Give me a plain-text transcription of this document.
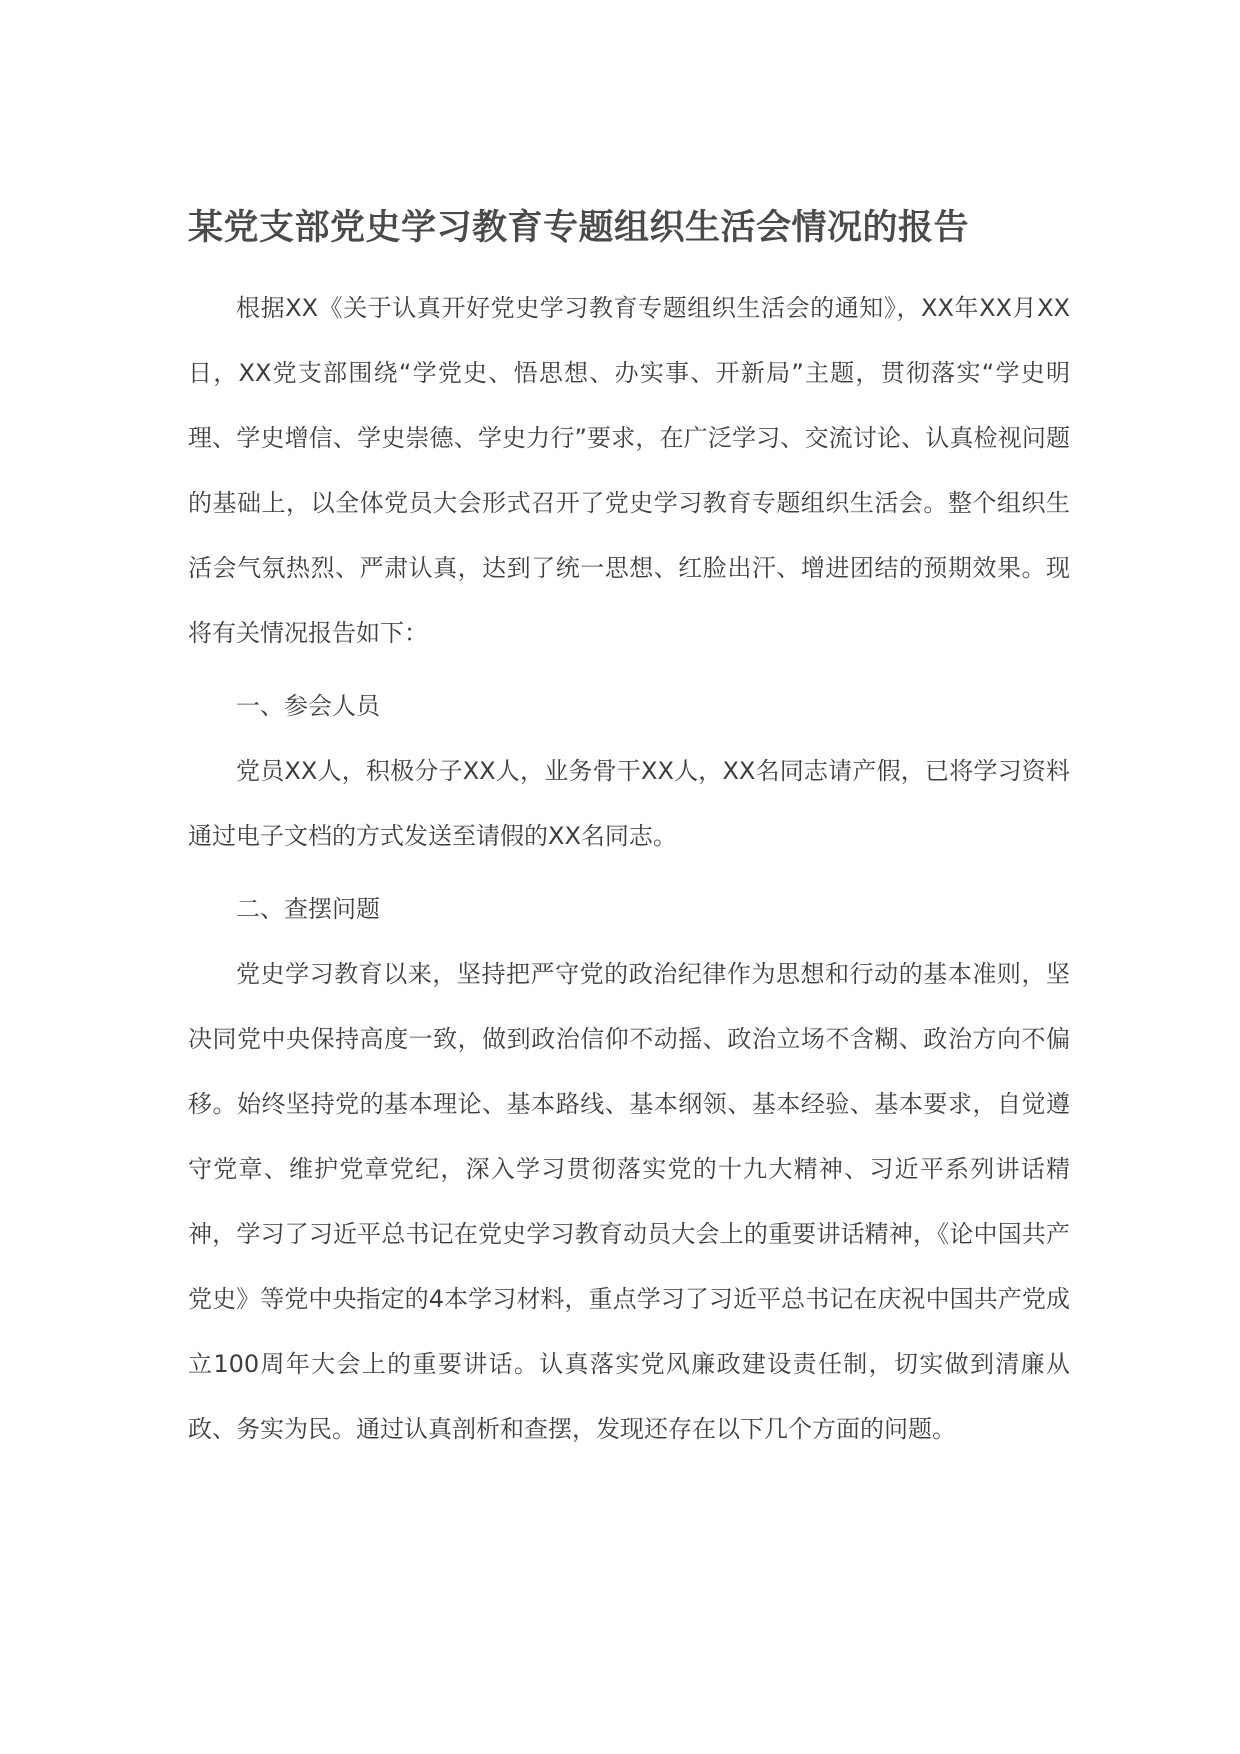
某党支部党史学习教育专题组织生活会情况的报告

根据XX《关于认真开好党史学习教育专题组织生活会的通知》，XX年XX月XX日，XX党支部围绕“学党史、悟思想、办实事、开新局”主题，贯彻落实“学史明理、学史增信、学史崇德、学史力行”要求，在广泛学习、交流讨论、认真检视问题的基础上，以全体党员大会形式召开了党史学习教育专题组织生活会。整个组织生活会气氛热烈、严肃认真，达到了统一思想、红脸出汗、增进团结的预期效果。现将有关情况报告如下：

一、参会人员

党员XX人，积极分子XX人，业务骨干XX人，XX名同志请产假，已将学习资料通过电子文档的方式发送至请假的XX名同志。

二、查摆问题

党史学习教育以来，坚持把严守党的政治纪律作为思想和行动的基本准则，坚决同党中央保持高度一致，做到政治信仰不动摇、政治立场不含糊、政治方向不偏移。始终坚持党的基本理论、基本路线、基本纲领、基本经验、基本要求，自觉遵守党章、维护党章党纪，深入学习贯彻落实党的十九大精神、习近平系列讲话精神，学习了习近平总书记在党史学习教育动员大会上的重要讲话精神，《论中国共产党史》等党中央指定的4本学习材料，重点学习了习近平总书记在庆祝中国共产党成立100周年大会上的重要讲话。认真落实党风廉政建设责任制，切实做到清廉从政、务实为民。通过认真剖析和查摆，发现还存在以下几个方面的问题。
